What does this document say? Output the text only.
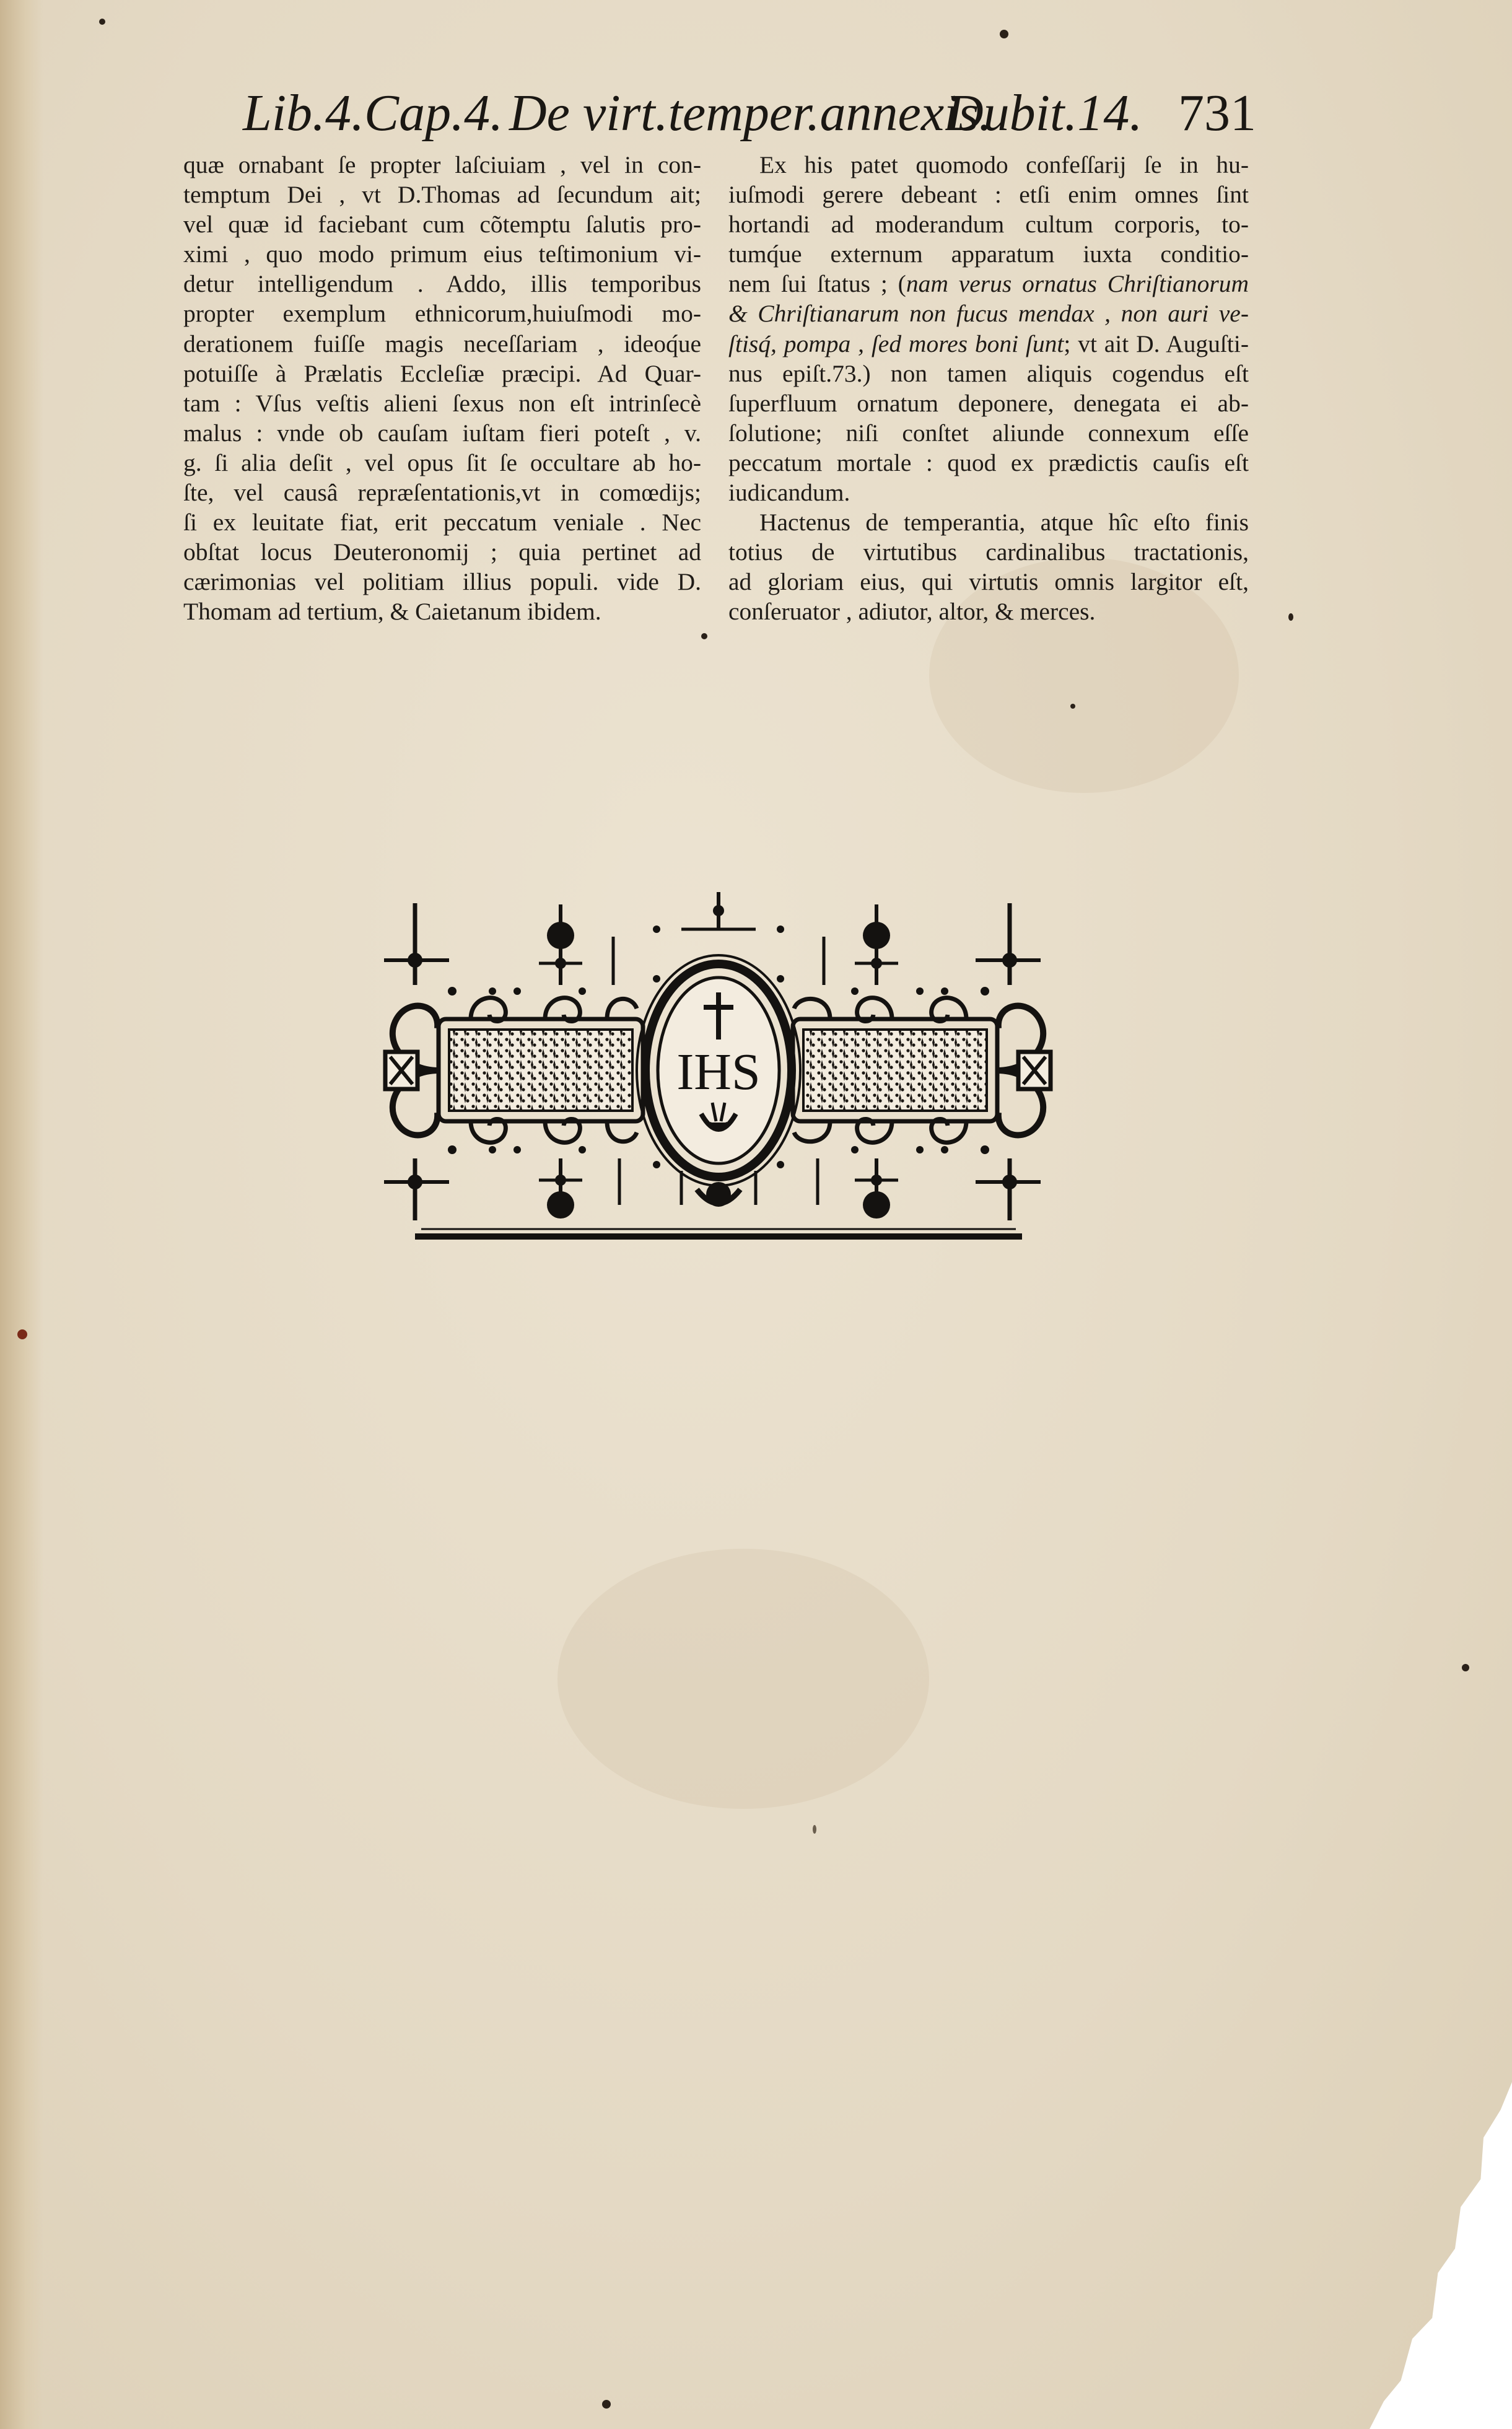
Lib.4.Cap.4. De virt.temper.annexis.
Dubit.14. 731
quæ ornabant ſe propter laſciuiam , vel in con-
temptum Dei , vt D.Thomas ad ſecundum ait;
vel quæ id faciebant cum cõtemptu ſalutis pro-
ximi , quo modo primum eius teſtimonium vi-
detur intelligendum . Addo, illis temporibus
propter exemplum ethnicorum,huiuſmodi mo-
derationem fuiſſe magis neceſſariam , ideoq́ue
potuiſſe à Prælatis Eccleſiæ præcipi. Ad Quar-
tam : Vſus veſtis alieni ſexus non eſt intrinſecè
malus : vnde ob cauſam iuſtam fieri poteſt , v.
g. ſi alia deſit , vel opus ſit ſe occultare ab ho-
ſte, vel causâ repræſentationis,vt in comœdijs;
ſi ex leuitate fiat, erit peccatum veniale . Nec
obſtat locus Deuteronomij ; quia pertinet ad
cærimonias vel politiam illius populi. vide D.
Thomam ad tertium, & Caietanum ibidem.
Ex his patet quomodo confeſſarij ſe in hu-
iuſmodi gerere debeant : etſi enim omnes ſint
hortandi ad moderandum cultum corporis, to-
tumq́ue externum apparatum iuxta conditio-
nem ſui ſtatus ; (nam verus ornatus Chriſtianorum
& Chriſtianarum non fucus mendax , non auri ve-
ſtisq́, pompa , ſed mores boni ſunt; vt ait D. Auguſti-
nus epiſt.73.) non tamen aliquis cogendus eſt
ſuperfluum ornatum deponere, denegata ei ab-
ſolutione; niſi conſtet aliunde connexum eſſe
peccatum mortale : quod ex prædictis cauſis eſt
iudicandum.
Hactenus de temperantia, atque hîc eſto finis
totius de virtutibus cardinalibus tractationis,
ad gloriam eius, qui virtutis omnis largitor eſt,
conſeruator , adiutor, altor, & merces.
IHS
